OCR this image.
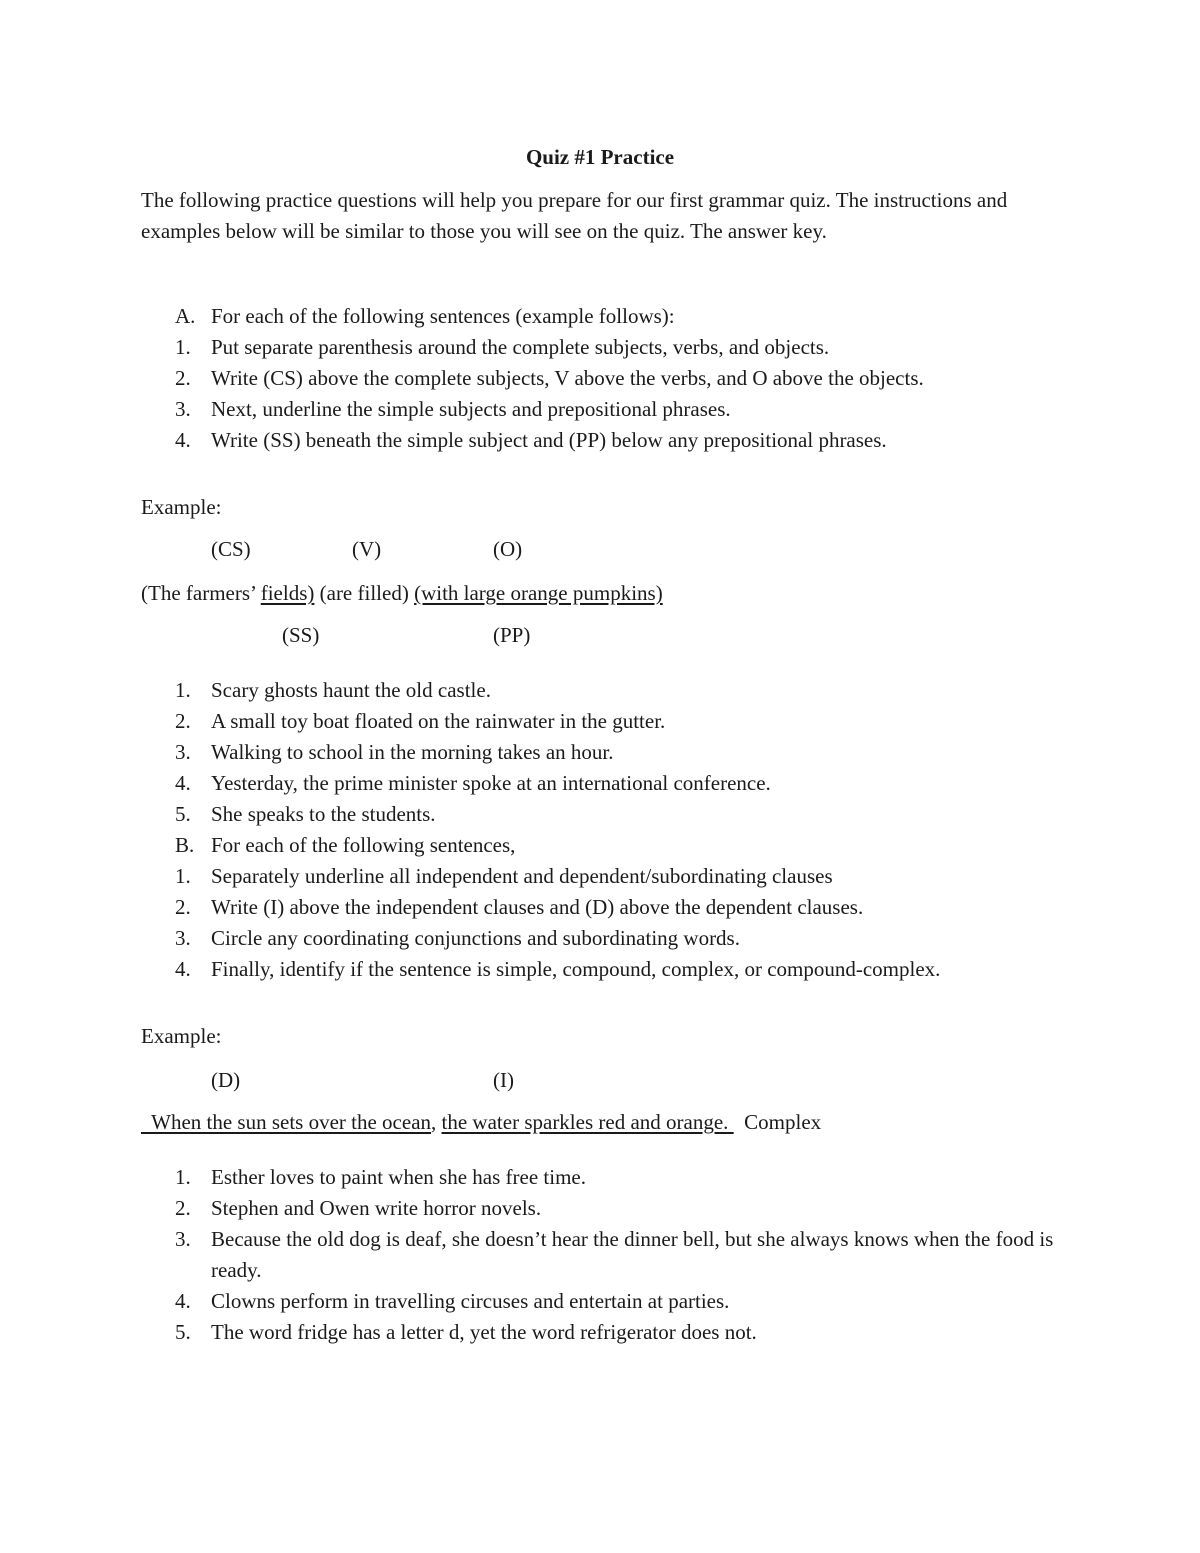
Quiz #1 Practice
The following practice questions will help you prepare for our first grammar quiz. The instructions and examples below will be similar to those you will see on the quiz. The answer key.
A. For each of the following sentences (example follows):
1. Put separate parenthesis around the complete subjects, verbs, and objects.
2. Write (CS) above the complete subjects, V above the verbs, and O above the objects.
3. Next, underline the simple subjects and prepositional phrases.
4. Write (SS) beneath the simple subject and (PP) below any prepositional phrases.
Example:
(CS)	(V)	(O)
(The farmers’ fields) (are filled) (with large orange pumpkins)
(SS)	(PP)
1. Scary ghosts haunt the old castle.
2. A small toy boat floated on the rainwater in the gutter.
3. Walking to school in the morning takes an hour.
4. Yesterday, the prime minister spoke at an international conference.
5. She speaks to the students.
B. For each of the following sentences,
1. Separately underline all independent and dependent/subordinating clauses
2. Write (I) above the independent clauses and (D) above the dependent clauses.
3. Circle any coordinating conjunctions and subordinating words.
4. Finally, identify if the sentence is simple, compound, complex, or compound-complex.
Example:
(D)	(I)
When the sun sets over the ocean, the water sparkles red and orange.   Complex
1. Esther loves to paint when she has free time.
2. Stephen and Owen write horror novels.
3. Because the old dog is deaf, she doesn’t hear the dinner bell, but she always knows when the food is ready.
4. Clowns perform in travelling circuses and entertain at parties.
5. The word fridge has a letter d, yet the word refrigerator does not.
